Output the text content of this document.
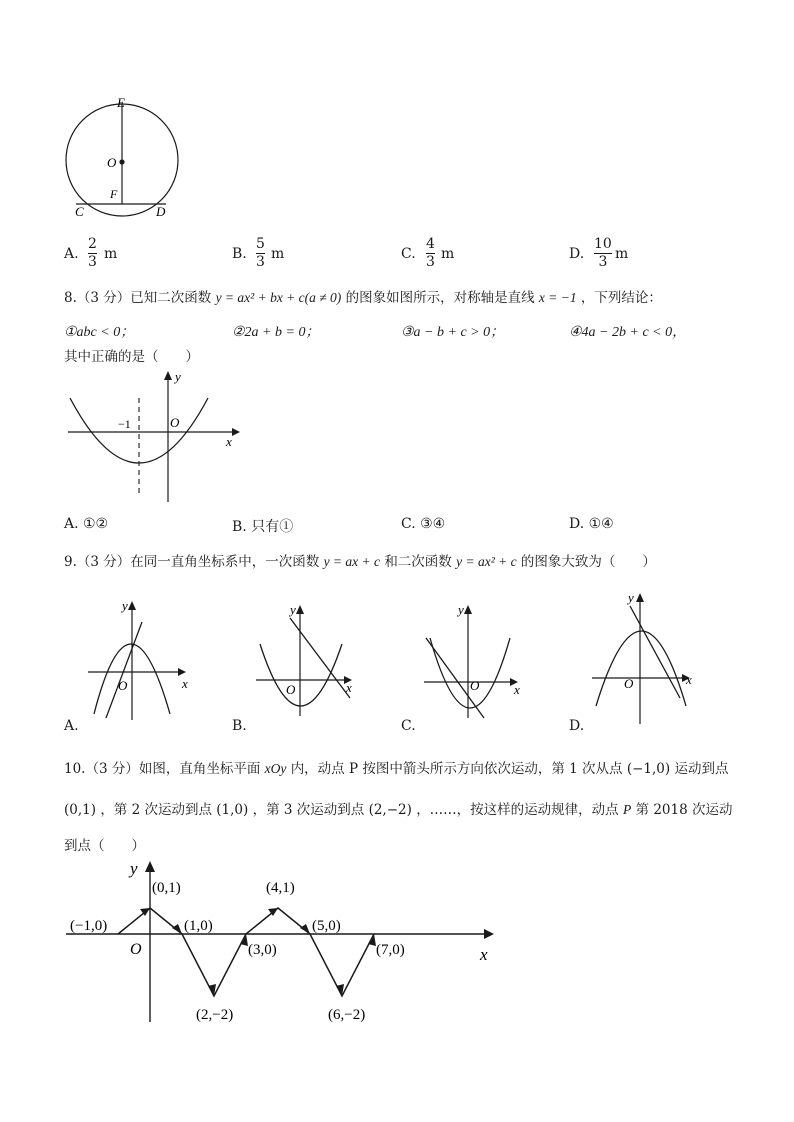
E
O
F
C	D
A.
2
3 m	B.
5
3 m	C.
4
3 m	D.
10
3 m
8.（3 分）已知二次函数 y = ax² + bx + c(a ≠ 0) 的图象如图所示，对称轴是直线 x = −1 ，下列结论：
①abc < 0；	②2a + b = 0；	③a − b + c > 0；	④4a − 2b + c < 0，
其中正确的是（　　）
y
x
O
−1
A. ①②	B. 只有①	C. ③④	D. ①④
9.（3 分）在同一直角坐标系中，一次函数 y = ax + c 和二次函数 y = ax² + c 的图象大致为（　　）
y
x
O
A.
y
x
O
B.
y
x
O
C.
y
x
O
D.
10.（3 分）如图，直角坐标平面 xOy 内，动点 P 按图中箭头所示方向依次运动，第 1 次从点 (−1,0) 运动到点
(0,1) ，第 2 次运动到点 (1,0) ，第 3 次运动到点 (2,−2) ，……，按这样的运动规律，动点 P 第 2018 次运动
到点（　　）
y
x
O
(−1,0)
(0,1)
(1,0)
(2,−2)
(3,0)
(4,1)
(5,0)
(6,−2)
(7,0)
